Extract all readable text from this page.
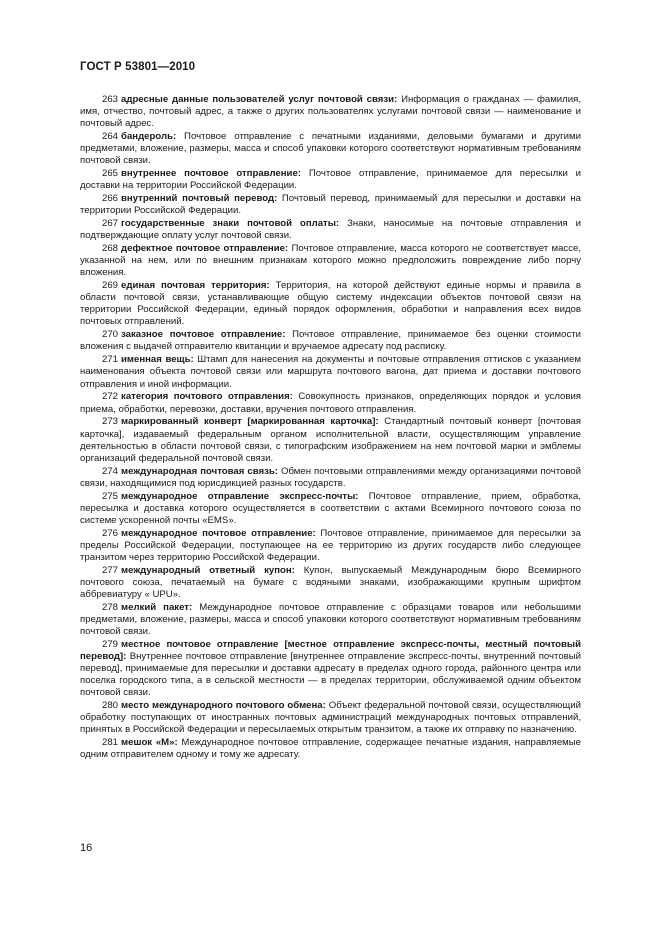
ГОСТ Р 53801—2010

263 адресные данные пользователей услуг почтовой связи: Информация о гражданах — фамилия, имя, отчество, почтовый адрес, а также о других пользователях услугами почтовой связи — наименование и почтовый адрес.

264 бандероль: Почтовое отправление с печатными изданиями, деловыми бумагами и другими предметами, вложение, размеры, масса и способ упаковки которого соответствуют нормативным требованиям почтовой связи.

265 внутреннее почтовое отправление: Почтовое отправление, принимаемое для пересылки и доставки на территории Российской Федерации.

266 внутренний почтовый перевод: Почтовый перевод, принимаемый для пересылки и доставки на территории Российской Федерации.

267 государственные знаки почтовой оплаты: Знаки, наносимые на почтовые отправления и подтверждающие оплату услуг почтовой связи.

268 дефектное почтовое отправление: Почтовое отправление, масса которого не соответствует массе, указанной на нем, или по внешним признакам которого можно предположить повреждение либо порчу вложения.

269 единая почтовая территория: Территория, на которой действуют единые нормы и правила в области почтовой связи, устанавливающие общую систему индексации объектов почтовой связи на территории Российской Федерации, единый порядок оформления, обработки и направления всех видов почтовых отправлений.

270 заказное почтовое отправление: Почтовое отправление, принимаемое без оценки стоимости вложения с выдачей отправителю квитанции и вручаемое адресату под расписку.

271 именная вещь: Штамп для нанесения на документы и почтовые отправления оттисков с указанием наименования объекта почтовой связи или маршрута почтового вагона, дат приема и доставки почтового отправления и иной информации.

272 категория почтового отправления: Совокупность признаков, определяющих порядок и условия приема, обработки, перевозки, доставки, вручения почтового отправления.

273 маркированный конверт [маркированная карточка]: Стандартный почтовый конверт [почтовая карточка], издаваемый федеральным органом исполнительной власти, осуществляющим управление деятельностью в области почтовой связи, с типографским изображением на нем почтовой марки и эмблемы организаций федеральной почтовой связи.

274 международная почтовая связь: Обмен почтовыми отправлениями между организациями почтовой связи, находящимися под юрисдикцией разных государств.

275 международное отправление экспресс-почты: Почтовое отправление, прием, обработка, пересылка и доставка которого осуществляется в соответствии с актами Всемирного почтового союза по системе ускоренной почты «EMS».

276 международное почтовое отправление: Почтовое отправление, принимаемое для пересылки за пределы Российской Федерации, поступающее на ее территорию из других государств либо следующее транзитом через территорию Российской Федерации.

277 международный ответный купон: Купон, выпускаемый Международным бюро Всемирного почтового союза, печатаемый на бумаге с водяными знаками, изображающими крупным шрифтом аббревиатуру « UPU».

278 мелкий пакет: Международное почтовое отправление с образцами товаров или небольшими предметами, вложение, размеры, масса и способ упаковки которого соответствуют нормативным требованиям почтовой связи.

279 местное почтовое отправление [местное отправление экспресс-почты, местный почтовый перевод]: Внутреннее почтовое отправление [внутреннее отправление экспресс-почты, внутренний почтовый перевод], принимаемые для пересылки и доставки адресату в пределах одного города, районного центра или поселка городского типа, а в сельской местности — в пределах территории, обслуживаемой одним объектом почтовой связи.

280 место международного почтового обмена: Объект федеральной почтовой связи, осуществляющий обработку поступающих от иностранных почтовых администраций международных почтовых отправлений, принятых в Российской Федерации и пересылаемых открытым транзитом, а также их отправку по назначению.

281 мешок «М»: Международное почтовое отправление, содержащее печатные издания, направляемые одним отправителем одному и тому же адресату.

16
